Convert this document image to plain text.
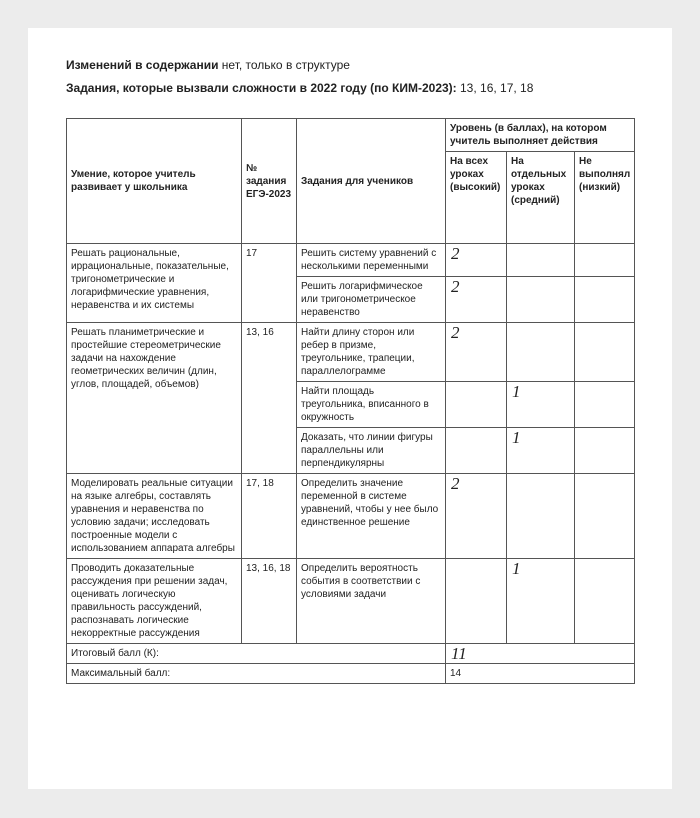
Изменений в содержании нет, только в структуре
Задания, которые вызвали сложности в 2022 году (по КИМ-2023): 13, 16, 17, 18
Умение, которое учитель развивает у школьника	№ задания ЕГЭ-2023	Задания для учеников	Уровень (в баллах), на котором учитель выполняет действия		
			На всех уроках (высокий)	На отдельных уроках (средний)	Не выполнял (низкий)
Решать рациональные, иррациональные, показательные, тригонометрические и логарифмические уравнения, неравенства и их системы	17	Решить систему уравнений с несколькими переменными	2		
		Решить логарифмическое или тригонометрическое неравенство	2		
Решать планиметрические и простейшие стереометрические задачи на нахождение геометрических величин (длин, углов, площадей, объемов)	13, 16	Найти длину сторон или ребер в призме, треугольнике, трапеции, параллелограмме	2		
		Найти площадь треугольника, вписанного в окружность		1	
		Доказать, что линии фигуры параллельны или перпендикулярны		1	
Моделировать реальные ситуации на языке алгебры, составлять уравнения и неравенства по условию задачи; исследовать построенные модели с использованием аппарата алгебры	17, 18	Определить значение переменной в системе уравнений, чтобы у нее было единственное решение	2		
Проводить доказательные рассуждения при решении задач, оценивать логическую правильность рассуждений, распознавать логические некорректные рассуждения	13, 16, 18	Определить вероятность события в соответствии с условиями задачи		1	
Итоговый балл (К):			11		
Максимальный балл:			14		
